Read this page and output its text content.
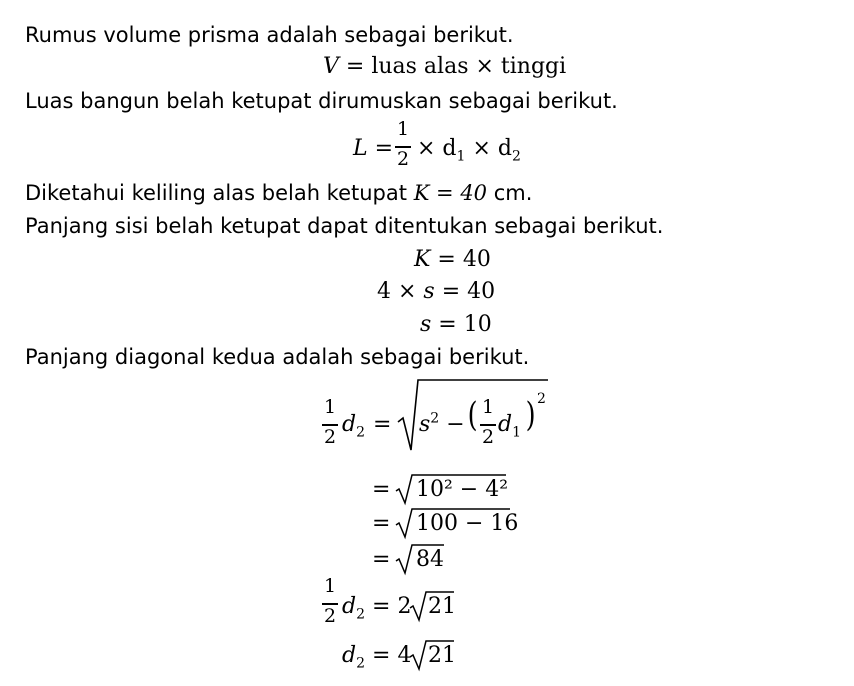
Rumus volume prisma adalah sebagai berikut.
V = luas alas × tinggi
Luas bangun belah ketupat dirumuskan sebagai berikut.
L =
1
$2 \times d_1 \times d_2$
Diketahui keliling alas belah ketupat K = 40 cm.
Panjang sisi belah ketupat dapat ditentukan sebagai berikut.
K = 40
4 × s = 40
s = 10
Panjang diagonal kedua adalah sebagai berikut.
1
2 $d_2 = s^2$ − ( 1
2 $d_1$ ) 2
= 10² − 4²
= 100 − 16
= 84
1
2 $d_2 = 2$ 21
$d_2 = 4$ 21
